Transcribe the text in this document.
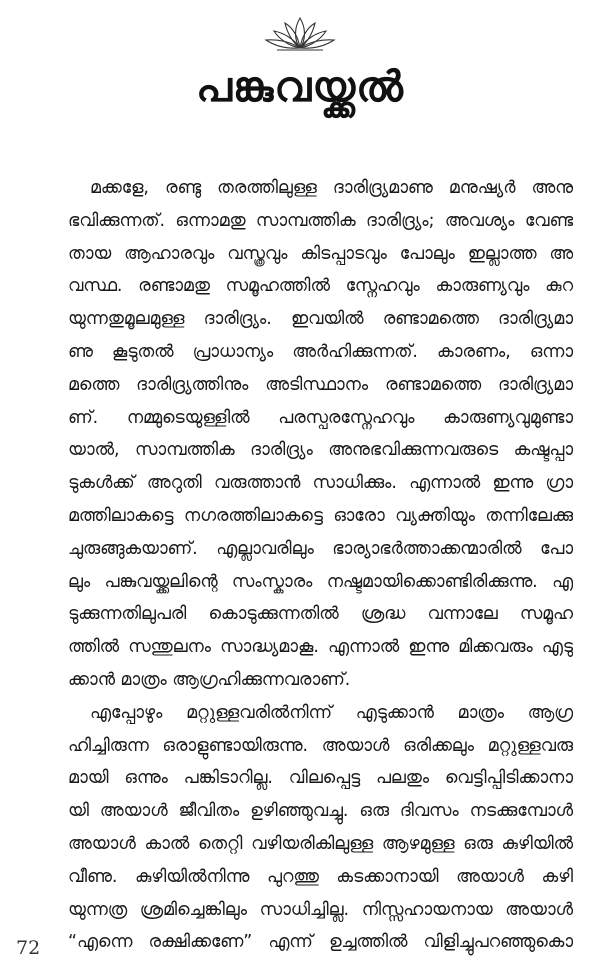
പങ്കുവയ്ക്കൽ
മക്കളേ, രണ്ടു തരത്തിലുള്ള ദാരിദ്ര്യമാണു മനുഷ്യർ അനു
ഭവിക്കുന്നത്. ഒന്നാമതു സാമ്പത്തിക ദാരിദ്ര്യം; അവശ്യം വേണ്ട
തായ ആഹാരവും വസ്ത്രവും കിടപ്പാടവും പോലും ഇല്ലാത്ത അ
വസ്ഥ. രണ്ടാമതു സമൂഹത്തിൽ സ്നേഹവും കാരുണ്യവും കുറ
യുന്നതുമൂലമുള്ള ദാരിദ്ര്യം. ഇവയിൽ രണ്ടാമത്തെ ദാരിദ്ര്യമാ
ണു കൂടുതൽ പ്രാധാന്യം അർഹിക്കുന്നത്. കാരണം, ഒന്നാ
മത്തെ ദാരിദ്ര്യത്തിനും അടിസ്ഥാനം രണ്ടാമത്തെ ദാരിദ്ര്യമാ
ണ്. നമ്മുടെയുള്ളിൽ പരസ്പരസ്നേഹവും കാരുണ്യവുമുണ്ടാ
യാൽ, സാമ്പത്തിക ദാരിദ്ര്യം അനുഭവിക്കുന്നവരുടെ കഷ്ടപ്പാ
ടുകൾക്ക് അറുതി വരുത്താൻ സാധിക്കും. എന്നാൽ ഇന്നു ഗ്രാ
മത്തിലാകട്ടെ നഗരത്തിലാകട്ടെ ഓരോ വ്യക്തിയും തന്നിലേക്കു
ചുരുങ്ങുകയാണ്. എല്ലാവരിലും ഭാര്യാഭർത്താക്കന്മാരിൽ പോ
ലും പങ്കുവയ്ക്കലിന്റെ സംസ്കാരം നഷ്ടമായിക്കൊണ്ടിരിക്കുന്നു. എ
ടുക്കുന്നതിലുപരി കൊടുക്കുന്നതിൽ ശ്രദ്ധ വന്നാലേ സമൂഹ
ത്തിൽ സന്തുലനം സാദ്ധ്യമാകൂ. എന്നാൽ ഇന്നു മിക്കവരും എടു
ക്കാൻ മാത്രം ആഗ്രഹിക്കുന്നവരാണ്.
എപ്പോഴും മറ്റുള്ളവരിൽനിന്ന് എടുക്കാൻ മാത്രം ആഗ്ര
ഹിച്ചിരുന്ന ഒരാളുണ്ടായിരുന്നു. അയാൾ ഒരിക്കലും മറ്റുള്ളവരു
മായി ഒന്നും പങ്കിടാറില്ല. വിലപ്പെട്ട പലതും വെട്ടിപ്പിടിക്കാനാ
യി അയാൾ ജീവിതം ഉഴിഞ്ഞുവച്ചു. ഒരു ദിവസം നടക്കുമ്പോൾ
അയാൾ കാൽ തെറ്റി വഴിയരികിലുള്ള ആഴമുള്ള ഒരു കുഴിയിൽ
വീണു. കുഴിയിൽനിന്നു പുറത്തു കടക്കാനായി അയാൾ കഴി
യുന്നത്ര ശ്രമിച്ചെങ്കിലും സാധിച്ചില്ല. നിസ്സഹായനായ അയാൾ
“എന്നെ രക്ഷിക്കണേ” എന്ന് ഉച്ചത്തിൽ വിളിച്ചുപറഞ്ഞുകൊ
72
